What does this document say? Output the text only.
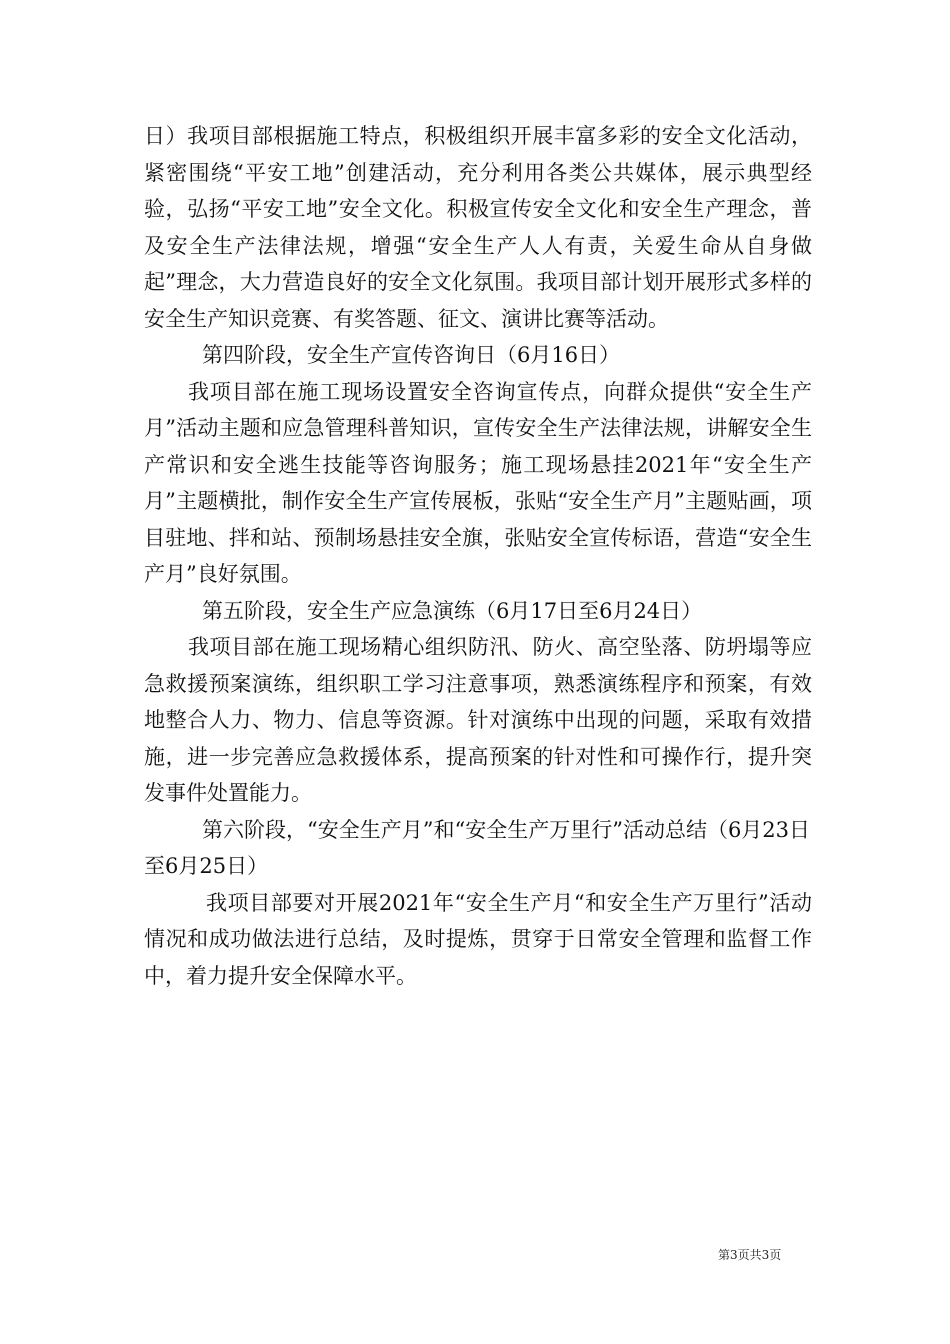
日）我项目部根据施工特点，积极组织开展丰富多彩的安全文化活动，紧密围绕“平安工地”创建活动，充分利用各类公共媒体，展示典型经验，弘扬“平安工地”安全文化。积极宣传安全文化和安全生产理念，普及安全生产法律法规，增强“安全生产人人有责，关爱生命从自身做起”理念，大力营造良好的安全文化氛围。我项目部计划开展形式多样的安全生产知识竞赛、有奖答题、征文、演讲比赛等活动。

第四阶段，安全生产宣传咨询日（6月16日）

我项目部在施工现场设置安全咨询宣传点，向群众提供“安全生产月”活动主题和应急管理科普知识，宣传安全生产法律法规，讲解安全生产常识和安全逃生技能等咨询服务；施工现场悬挂2021年“安全生产月”主题横批，制作安全生产宣传展板，张贴“安全生产月”主题贴画，项目驻地、拌和站、预制场悬挂安全旗，张贴安全宣传标语，营造“安全生产月”良好氛围。

第五阶段，安全生产应急演练（6月17日至6月24日）

我项目部在施工现场精心组织防汛、防火、高空坠落、防坍塌等应急救援预案演练，组织职工学习注意事项，熟悉演练程序和预案，有效地整合人力、物力、信息等资源。针对演练中出现的问题，采取有效措施，进一步完善应急救援体系，提高预案的针对性和可操作行，提升突发事件处置能力。

第六阶段，“安全生产月”和“安全生产万里行”活动总结（6月23日至6月25日）

我项目部要对开展2021年“安全生产月“和安全生产万里行”活动情况和成功做法进行总结，及时提炼，贯穿于日常安全管理和监督工作中，着力提升安全保障水平。

第3页共3页
